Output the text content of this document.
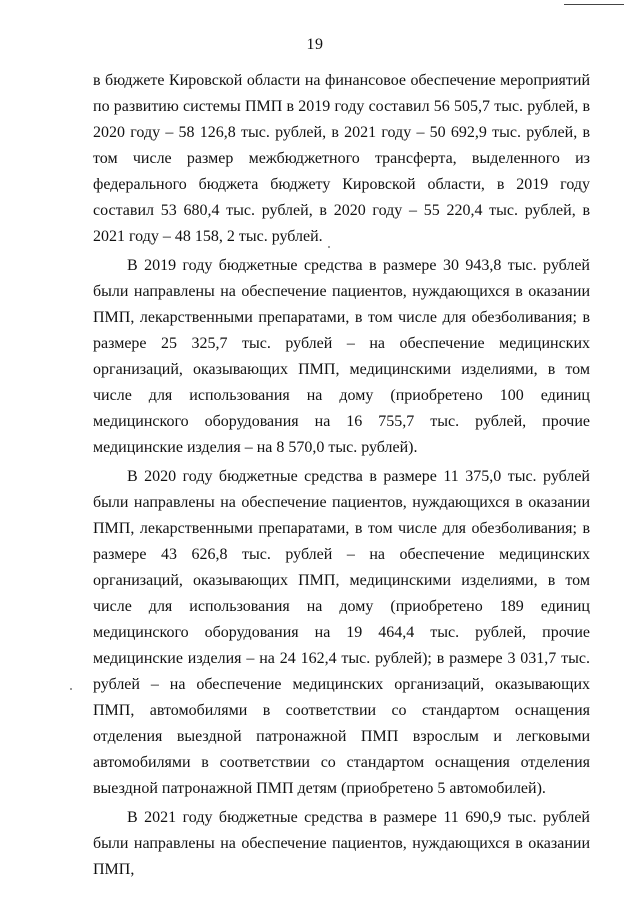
19

в бюджете Кировской области на финансовое обеспечение мероприятий по развитию системы ПМП в 2019 году составил 56 505,7 тыс. рублей, в 2020 году – 58 126,8 тыс. рублей, в 2021 году – 50 692,9 тыс. рублей, в том числе размер межбюджетного трансферта, выделенного из федерального бюджета бюджету Кировской области, в 2019 году составил 53 680,4 тыс. рублей, в 2020 году – 55 220,4 тыс. рублей, в 2021 году – 48 158, 2 тыс. рублей.

В 2019 году бюджетные средства в размере 30 943,8 тыс. рублей были направлены на обеспечение пациентов, нуждающихся в оказании ПМП, лекарственными препаратами, в том числе для обезболивания; в размере 25 325,7 тыс. рублей – на обеспечение медицинских организаций, оказывающих ПМП, медицинскими изделиями, в том числе для использования на дому (приобретено 100 единиц медицинского оборудования на 16 755,7 тыс. рублей, прочие медицинские изделия – на 8 570,0 тыс. рублей).

В 2020 году бюджетные средства в размере 11 375,0 тыс. рублей были направлены на обеспечение пациентов, нуждающихся в оказании ПМП, лекарственными препаратами, в том числе для обезболивания; в размере 43 626,8 тыс. рублей – на обеспечение медицинских организаций, оказывающих ПМП, медицинскими изделиями, в том числе для использования на дому (приобретено 189 единиц медицинского оборудования на 19 464,4 тыс. рублей, прочие медицинские изделия – на 24 162,4 тыс. рублей); в размере 3 031,7 тыс. рублей – на обеспечение медицинских организаций, оказывающих ПМП, автомобилями в соответствии со стандартом оснащения отделения выездной патронажной ПМП взрослым и легковыми автомобилями в соответствии со стандартом оснащения отделения выездной патронажной ПМП детям (приобретено 5 автомобилей).

В 2021 году бюджетные средства в размере 11 690,9 тыс. рублей были направлены на обеспечение пациентов, нуждающихся в оказании ПМП,
